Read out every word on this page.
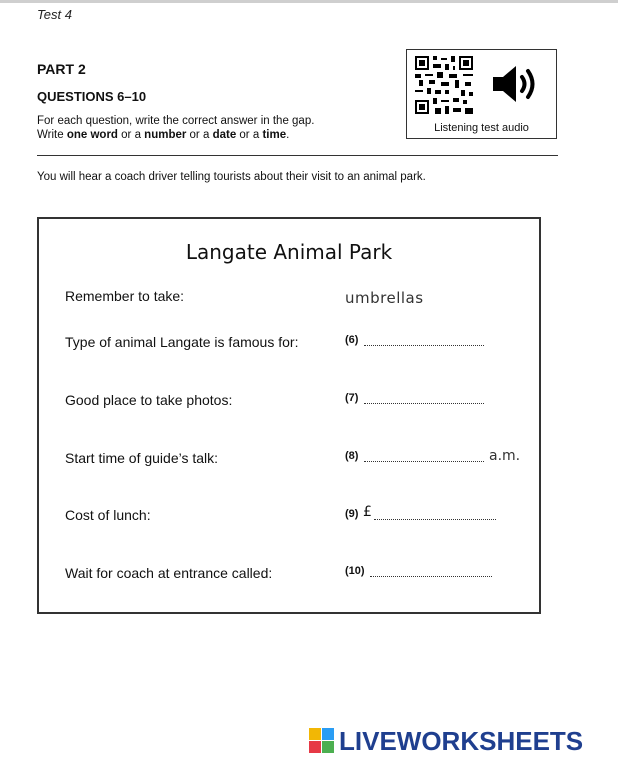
Test 4
PART 2
QUESTIONS 6–10
For each question, write the correct answer in the gap.
Write one word or a number or a date or a time.
Listening test audio
You will hear a coach driver telling tourists about their visit to an animal park.
Langate Animal Park
Remember to take:	umbrellas
Type of animal Langate is famous for:	(6)
Good place to take photos:	(7)
Start time of guide’s talk:	(8)	a.m.
Cost of lunch:	(9) £
Wait for coach at entrance called:	(10)
LIVEWORKSHEETS
